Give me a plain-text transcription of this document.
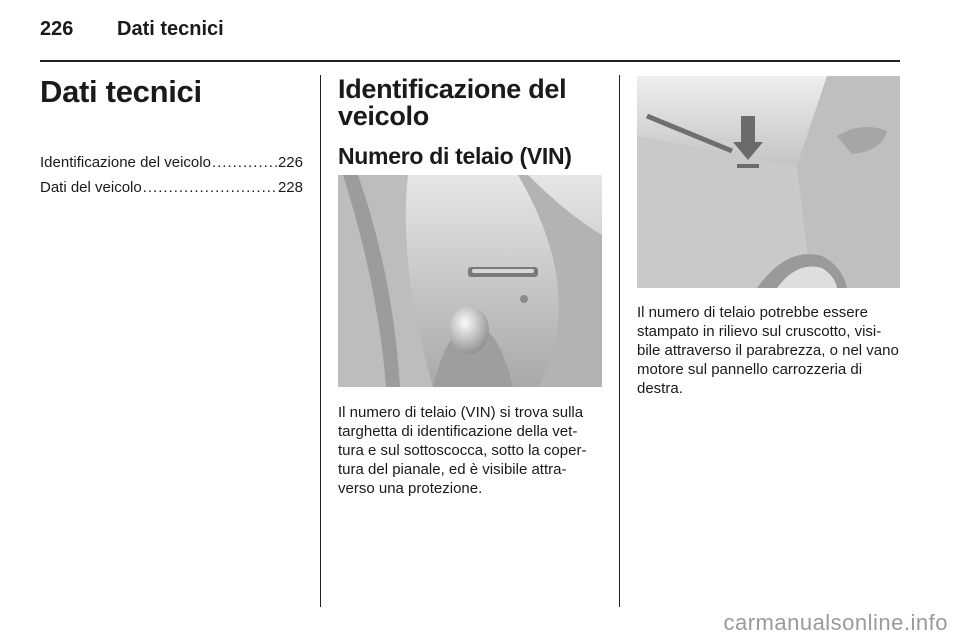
226 Dati tecnici
Dati tecnici
Identificazione del veicolo .....	226
Dati del veicolo .....	228
Identificazione del veicolo
Numero di telaio (VIN)

Il numero di telaio (VIN) si trova sulla targhetta di identificazione della vet-tura e sul sottoscocca, sotto la coper-tura del pianale, ed è visibile attra-verso una protezione.

Il numero di telaio potrebbe essere stampato in rilievo sul cruscotto, visi-bile attraverso il parabrezza, o nel vano motore sul pannello carrozzeria di destra.

carmanualsonline.info
